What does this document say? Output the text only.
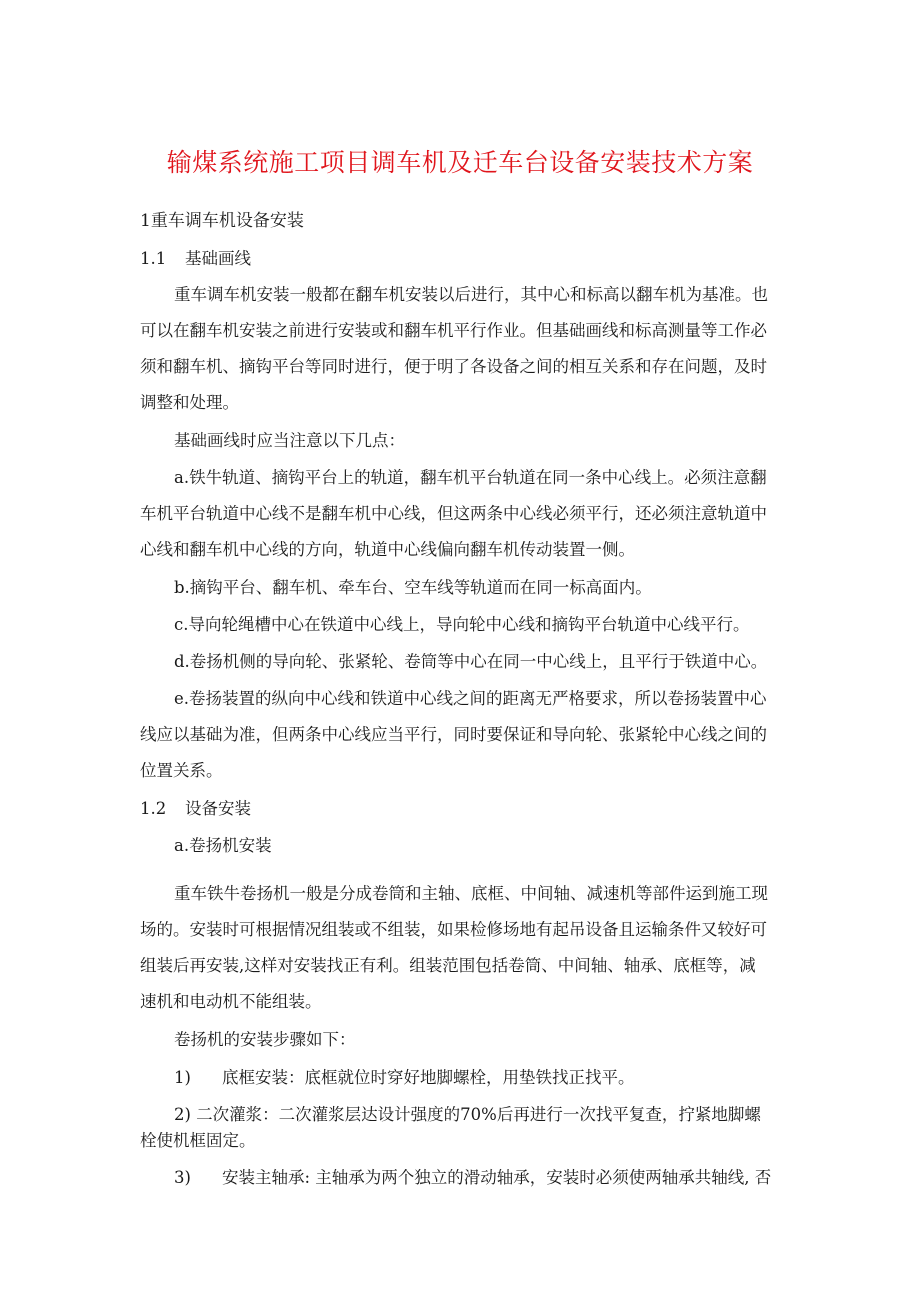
输煤系统施工项目调车机及迁车台设备安装技术方案
1重车调车机设备安装
1.1 基础画线
重车调车机安装一般都在翻车机安装以后进行，其中心和标高以翻车机为基准。也
可以在翻车机安装之前进行安装或和翻车机平行作业。但基础画线和标高测量等工作必
须和翻车机、摘钩平台等同时进行，便于明了各设备之间的相互关系和存在问题，及时
调整和处理。
基础画线时应当注意以下几点：
a.铁牛轨道、摘钩平台上的轨道，翻车机平台轨道在同一条中心线上。必须注意翻
车机平台轨道中心线不是翻车机中心线，但这两条中心线必须平行，还必须注意轨道中
心线和翻车机中心线的方向，轨道中心线偏向翻车机传动装置一侧。
b.摘钩平台、翻车机、牵车台、空车线等轨道而在同一标高面内。
c.导向轮绳槽中心在铁道中心线上，导向轮中心线和摘钩平台轨道中心线平行。
d.卷扬机侧的导向轮、张紧轮、卷筒等中心在同一中心线上，且平行于铁道中心。
e.卷扬装置的纵向中心线和铁道中心线之间的距离无严格要求，所以卷扬装置中心
线应以基础为准，但两条中心线应当平行，同时要保证和导向轮、张紧轮中心线之间的
位置关系。
1.2 设备安装
a.卷扬机安装
重车铁牛卷扬机一般是分成卷筒和主轴、底框、中间轴、减速机等部件运到施工现
场的。安装时可根据情况组装或不组装，如果检修场地有起吊设备且运输条件又较好可
组装后再安装,这样对安装找正有利。组装范围包括卷筒、中间轴、轴承、底框等，减
速机和电动机不能组装。
卷扬机的安装步骤如下：
1) 底框安装：底框就位时穿好地脚螺栓，用垫铁找正找平。
2) 二次灌浆：二次灌浆层达设计强度的70%后再进行一次找平复查，拧紧地脚螺
栓使机框固定。
3) 安装主轴承: 主轴承为两个独立的滑动轴承，安装时必须使两轴承共轴线, 否
